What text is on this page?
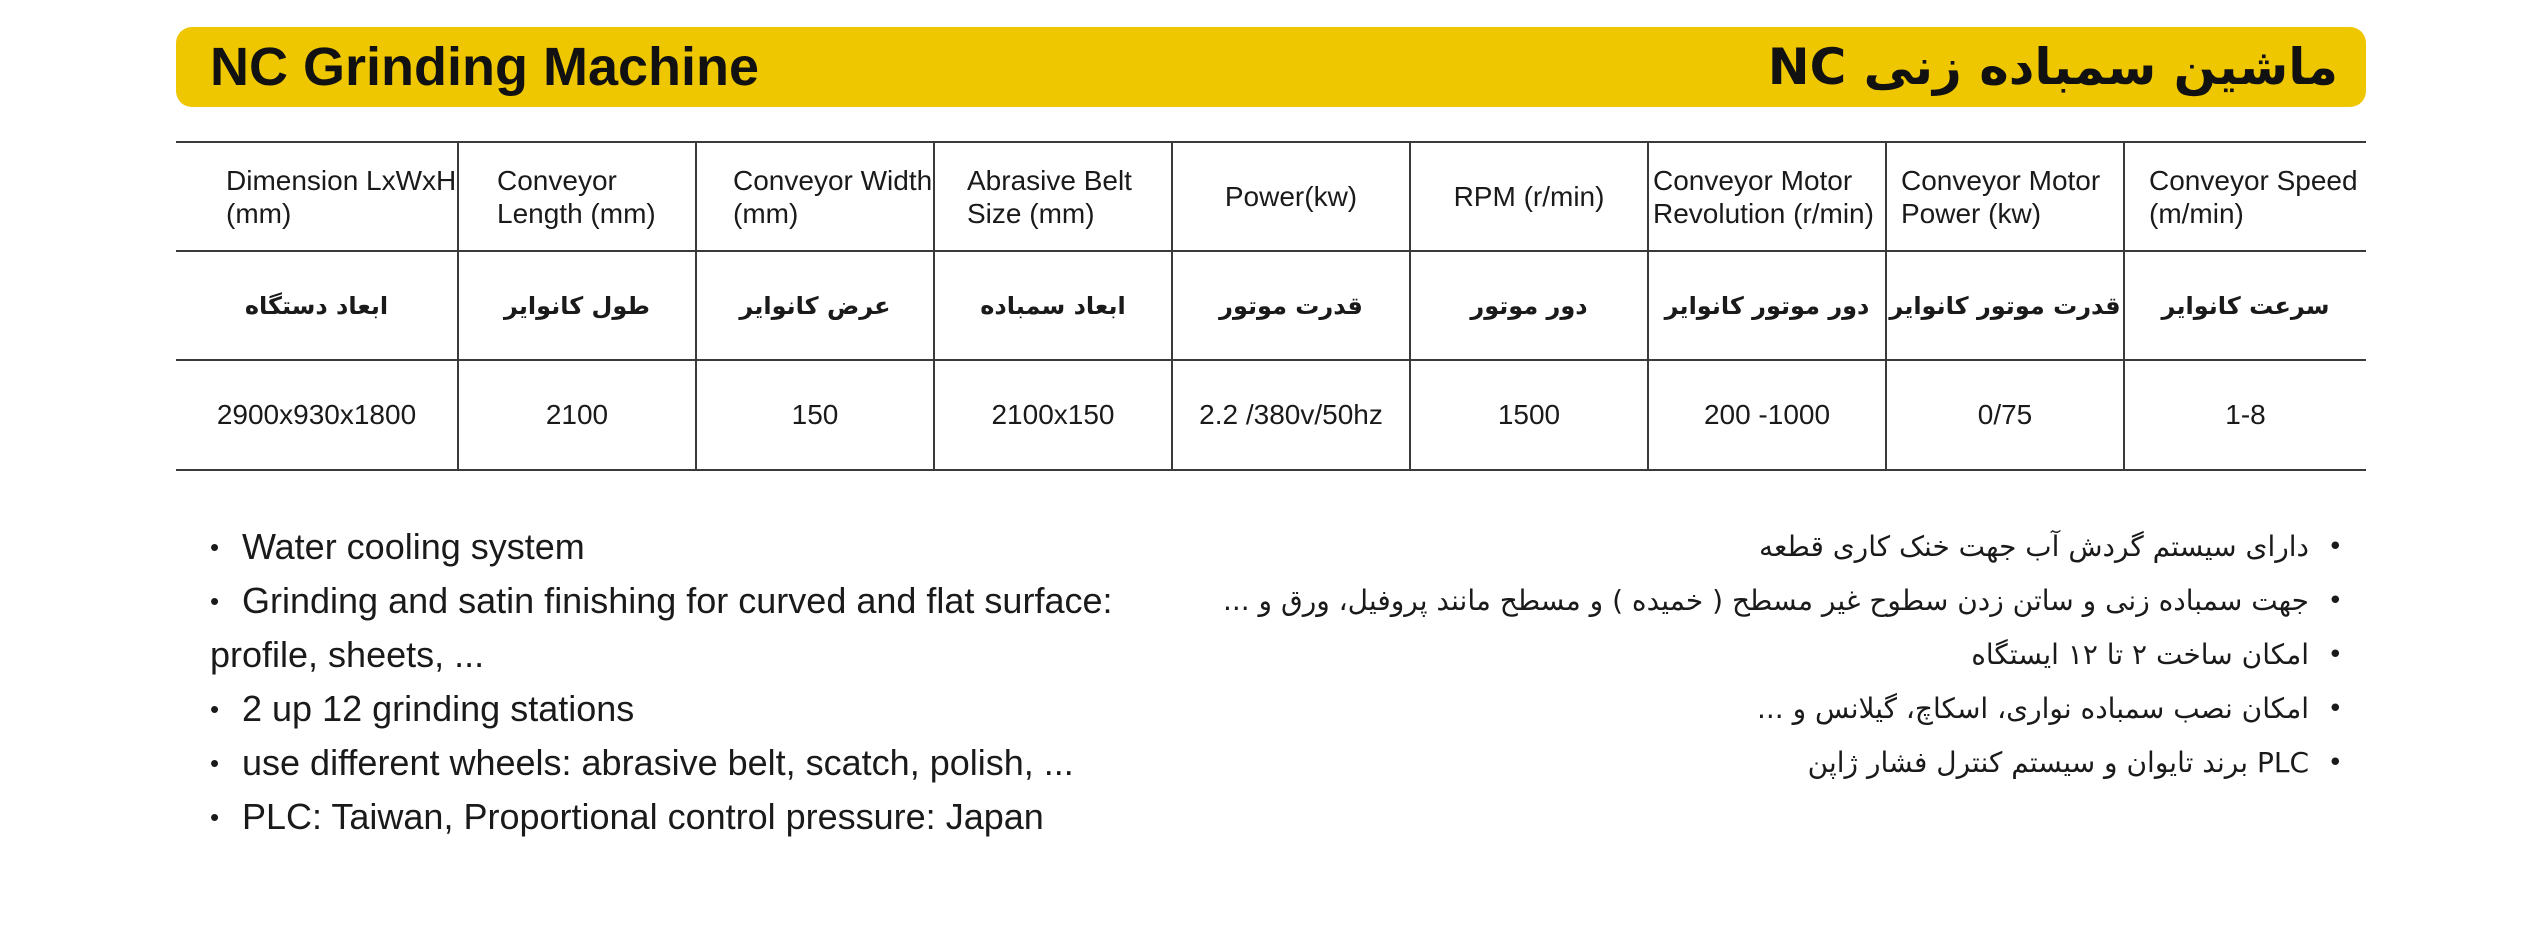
NC Grinding Machine	ماشین سمباده زنی NC
Dimension LxWxH (mm)	Conveyor Length (mm)	Conveyor Width (mm)	Abrasive Belt Size (mm)	Power(kw)	RPM (r/min)	Conveyor Motor Revolution (r/min)	Conveyor Motor Power (kw)	Conveyor Speed (m/min)

ابعاد دستگاه	طول کانوایر	عرض کانوایر	ابعاد سمباده	قدرت موتور	دور موتور	دور موتور کانوایر	قدرت موتور کانوایر	سرعت کانوایر
2900x930x1800	2100	150	2100x150	2.2 /380v/50hz	1500	200 -1000	0/75	1-8
• Water cooling system
• Grinding and satin finishing for curved and flat surface:
profile, sheets, ...
• 2 up 12 grinding stations
• use different wheels: abrasive belt, scatch, polish, ...
• PLC: Taiwan, Proportional control pressure: Japan
• دارای سیستم گردش آب جهت خنک کاری قطعه
• جهت سمباده زنی و ساتن زدن سطوح غیر مسطح ( خمیده ) و مسطح مانند پروفیل، ورق و ...
• امکان ساخت ۲ تا ۱۲ ایستگاه
• امکان نصب سمباده نواری، اسکاچ، گیلانس و ...
• PLC برند تایوان و سیستم کنترل فشار ژاپن
